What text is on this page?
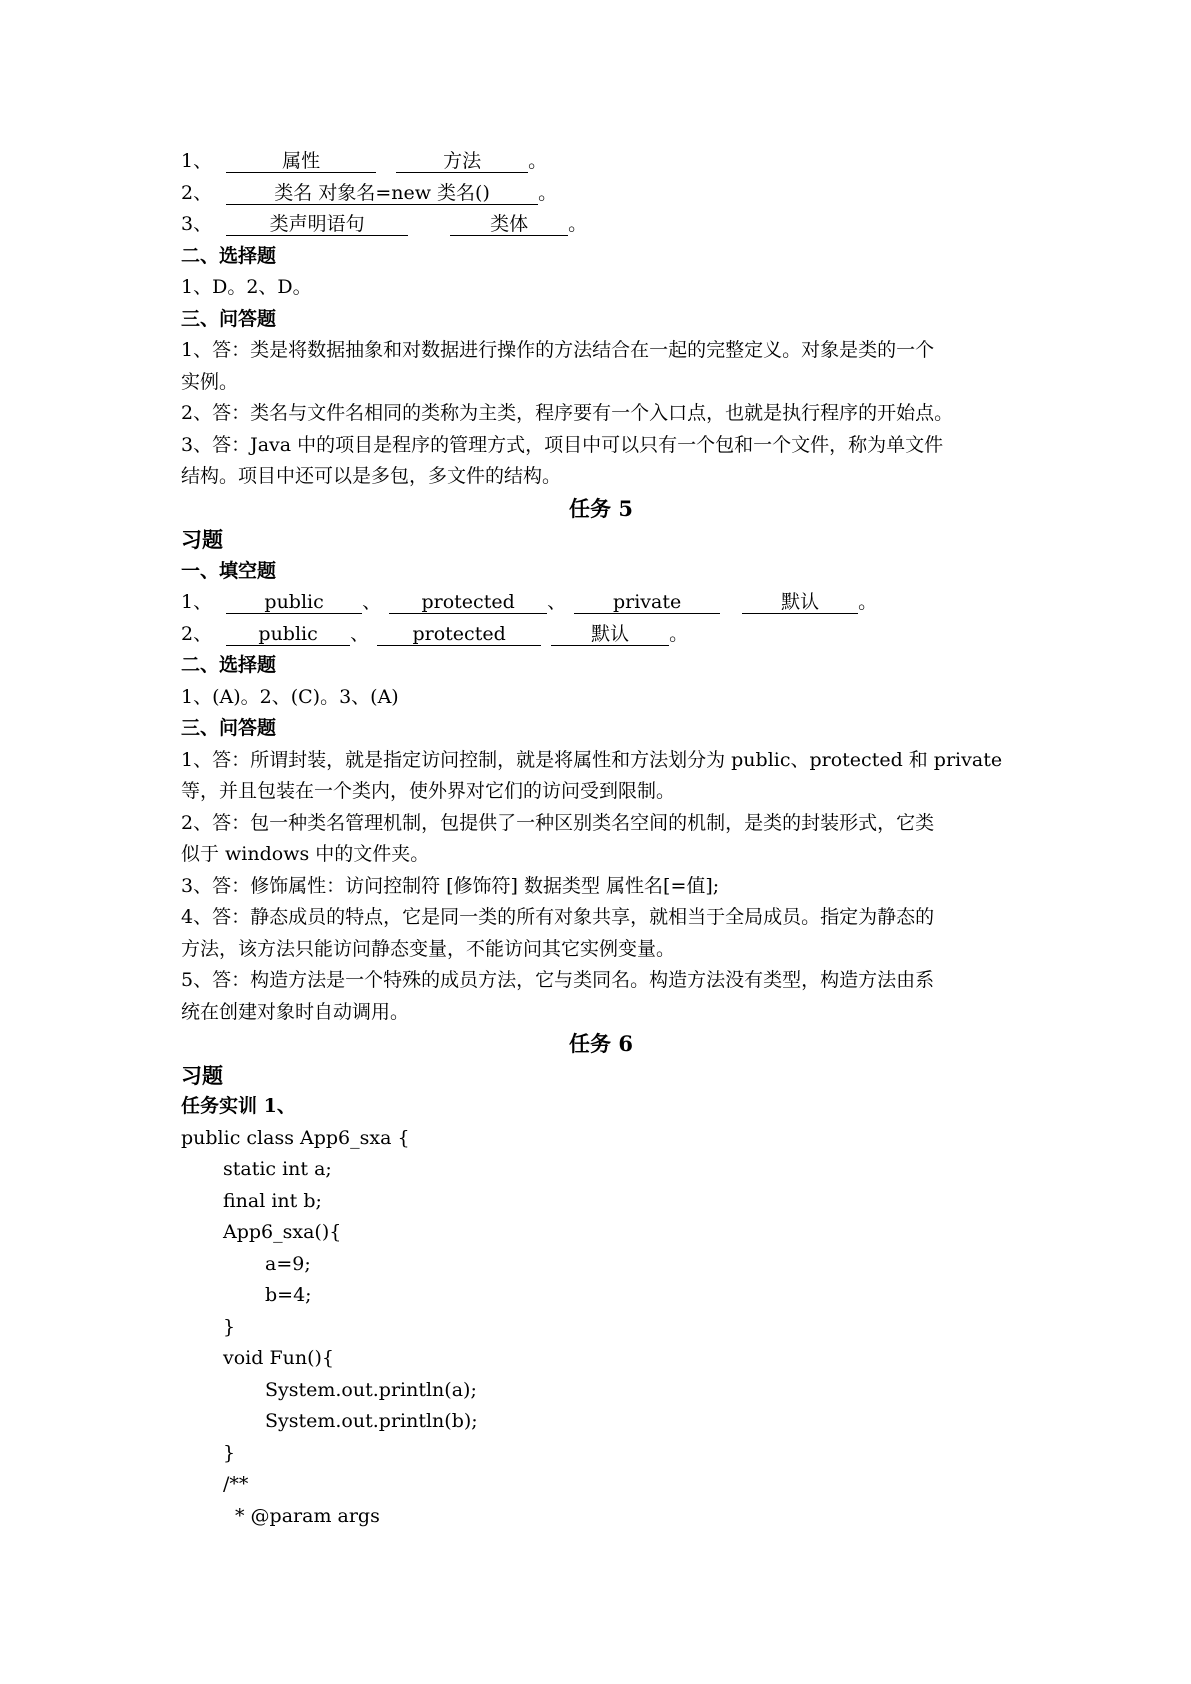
1、	属性	方法 。
2、	类名 对象名=new 类名()	。
3、	类声明语句	类体 。
二、选择题
1、D。2、D。
三、问答题
1、答：类是将数据抽象和对数据进行操作的方法结合在一起的完整定义。对象是类的一个
实例。
2、答：类名与文件名相同的类称为主类，程序要有一个入口点，也就是执行程序的开始点。
3、答：Java 中的项目是程序的管理方式，项目中可以只有一个包和一个文件，称为单文件
结构。项目中还可以是多包，多文件的结构。
任务 5
习题
一、填空题
1、	public 、 protected 、 private	默认 。
2、 public 、 protected	默认 。
二、选择题
1、(A)。2、(C)。3、(A)
三、问答题
1、答：所谓封装，就是指定访问控制，就是将属性和方法划分为 public、protected 和 private
等，并且包装在一个类内，使外界对它们的访问受到限制。
2、答：包一种类名管理机制，包提供了一种区别类名空间的机制，是类的封装形式，它类
似于 windows 中的文件夹。
3、答：修饰属性：访问控制符 [修饰符] 数据类型 属性名[=值];
4、答：静态成员的特点，它是同一类的所有对象共享，就相当于全局成员。指定为静态的
方法，该方法只能访问静态变量，不能访问其它实例变量。
5、答：构造方法是一个特殊的成员方法，它与类同名。构造方法没有类型，构造方法由系
统在创建对象时自动调用。
任务 6
习题
任务实训 1、
public class App6_sxa {
static int a;
final int b;
App6_sxa(){
a=9;
b=4;
}
void Fun(){
System.out.println(a);
System.out.println(b);
}
/**
* @param args
